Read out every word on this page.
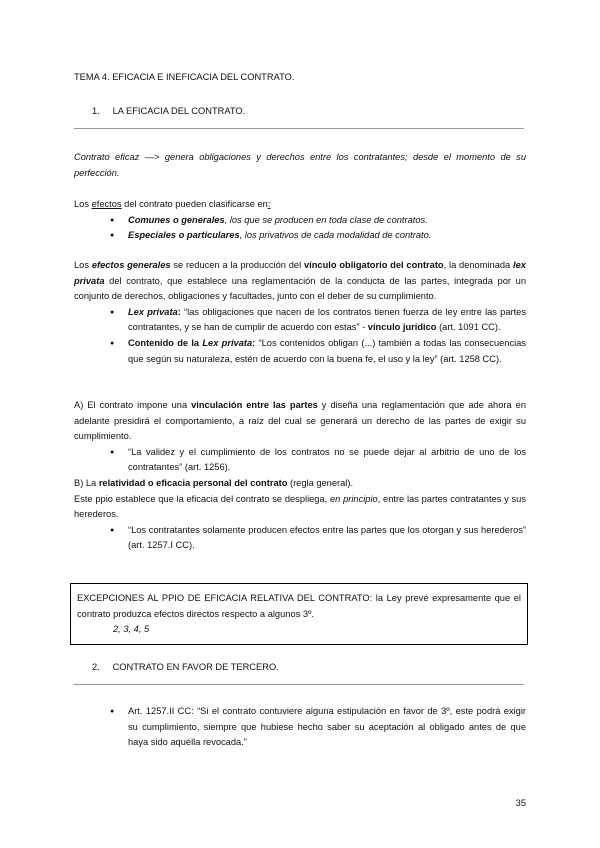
TEMA 4. EFICACIA E INEFICACIA DEL CONTRATO.
1. LA EFICACIA DEL CONTRATO.
Contrato eficaz —> genera obligaciones y derechos entre los contratantes; desde el momento de su perfección.
Los efectos del contrato pueden clasificarse en:
● Comunes o generales, los que se producen en toda clase de contratos.
● Especiales o particulares, los privativos de cada modalidad de contrato.
Los efectos generales se reducen a la producción del vínculo obligatorio del contrato, la denominada lex privata del contrato, que establece una reglamentación de la conducta de las partes, integrada por un conjunto de derechos, obligaciones y facultades, junto con el deber de su cumplimiento.
● Lex privata: “las obligaciones que nacen de los contratos tienen fuerza de ley entre las partes contratantes, y se han de cumplir de acuerdo con estas” - vínculo jurídico (art. 1091 CC).
● Contenido de la Lex privata: “Los contenidos obligan (...) también a todas las consecuencias que según su naturaleza, estén de acuerdo con la buena fe, el uso y la ley” (art. 1258 CC).
A) El contrato impone una vinculación entre las partes y diseña una reglamentación que ade ahora en adelante presidirá el comportamiento, a raíz del cual se generará un derecho de las partes de exigir su cumplimiento.
● “La validez y el cumplimiento de los contratos no se puede dejar al arbitrio de uno de los contratantes” (art. 1256).
B) La relatividad o eficacia personal del contrato (regla general).
Este ppio establece que la eficacia del contrato se despliega, en principio, entre las partes contratantes y sus herederos.
● “Los contratantes solamente producen efectos entre las partes que los otorgan y sus herederos” (art. 1257.I CC).
EXCEPCIONES AL PPIO DE EFICACIA RELATIVA DEL CONTRATO: la Ley prevé expresamente que el contrato produzca efectos directos respecto a algunos 3º.
2, 3, 4, 5
2. CONTRATO EN FAVOR DE TERCERO.
● Art. 1257.II CC: “Si el contrato contuviere alguna estipulación en favor de 3º, este podrá exigir su cumplimiento, siempre que hubiese hecho saber su aceptación al obligado antes de que haya sido aquélla revocada.”
35
